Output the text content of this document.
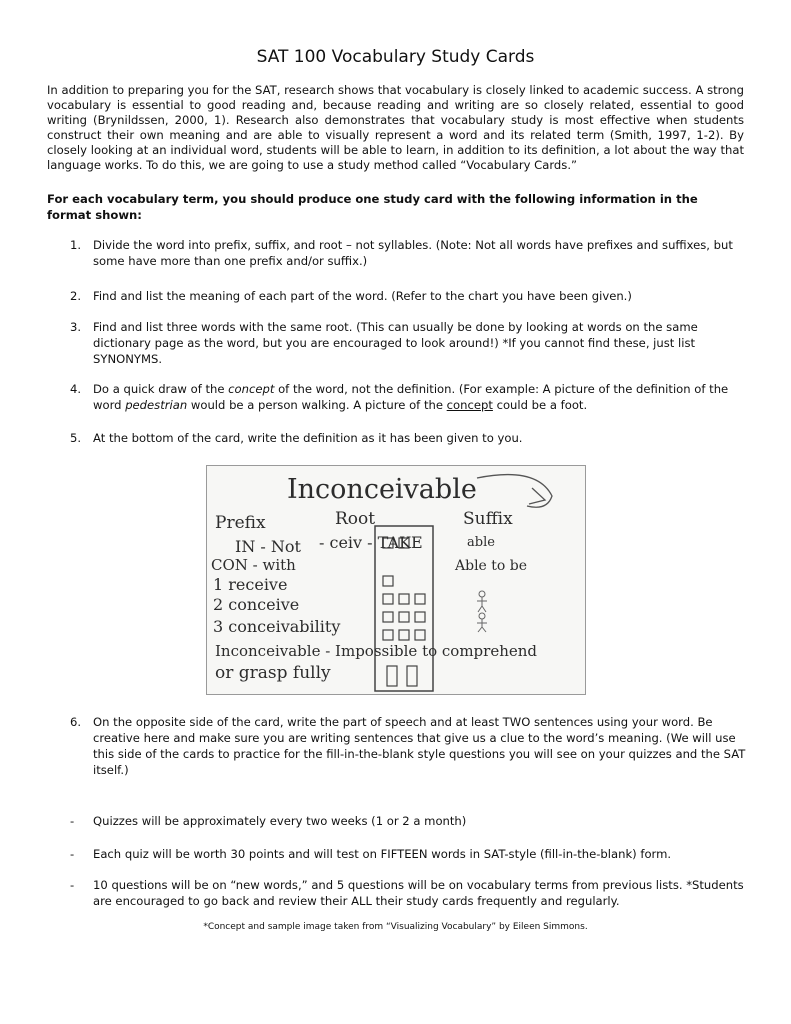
SAT 100 Vocabulary Study Cards

In addition to preparing you for the SAT, research shows that vocabulary is closely linked to academic success. A strong vocabulary is essential to good reading and, because reading and writing are so closely related, essential to good writing (Brynildssen, 2000, 1). Research also demonstrates that vocabulary study is most effective when students construct their own meaning and are able to visually represent a word and its related term (Smith, 1997, 1-2). By closely looking at an individual word, students will be able to learn, in addition to its definition, a lot about the way that language works. To do this, we are going to use a study method called “Vocabulary Cards.”

For each vocabulary term, you should produce one study card with the following information in the format shown:

1.	Divide the word into prefix, suffix, and root – not syllables. (Note: Not all words have prefixes and suffixes, but some have more than one prefix and/or suffix.)
2.	Find and list the meaning of each part of the word. (Refer to the chart you have been given.)
3.	Find and list three words with the same root. (This can usually be done by looking at words on the same dictionary page as the word, but you are encouraged to look around!) *If you cannot find these, just list SYNONYMS.
4.	Do a quick draw of the concept of the word, not the definition. (For example: A picture of the definition of the word pedestrian would be a person walking. A picture of the concept could be a foot.
5.	At the bottom of the card, write the definition as it has been given to you.
Inconceivable
Prefix	Root	Suffix
IN - Not
CON - with
- ceiv - TAKE	able
Able to be
1 receive
2 conceive
3 conceivability
Inconceivable - Impossible to comprehend
or grasp fully
6.	On the opposite side of the card, write the part of speech and at least TWO sentences using your word. Be creative here and make sure you are writing sentences that give us a clue to the word’s meaning. (We will use this side of the cards to practice for the fill-in-the-blank style questions you will see on your quizzes and the SAT itself.)
-	Quizzes will be approximately every two weeks (1 or 2 a month)
-	Each quiz will be worth 30 points and will test on FIFTEEN words in SAT-style (fill-in-the-blank) form.
-	10 questions will be on “new words,” and 5 questions will be on vocabulary terms from previous lists. *Students are encouraged to go back and review their ALL their study cards frequently and regularly.
*Concept and sample image taken from “Visualizing Vocabulary” by Eileen Simmons.
